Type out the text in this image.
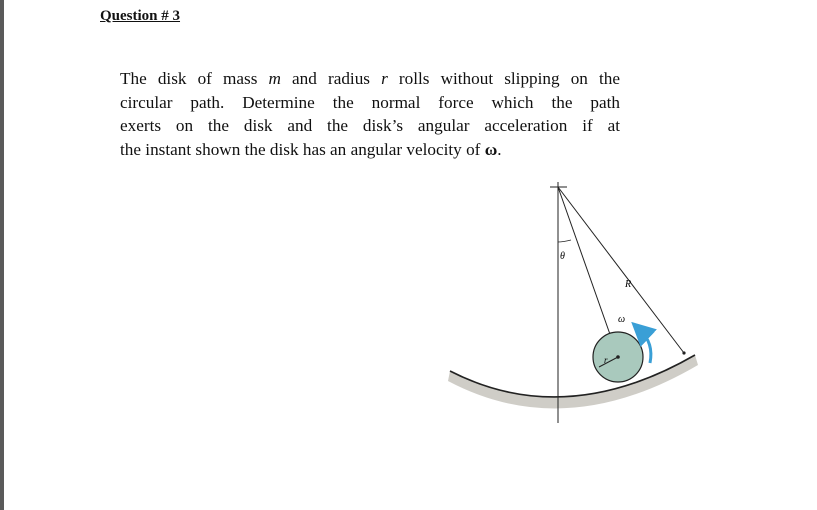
Question # 3
The disk of mass m and radius r rolls without slipping on the
circular path. Determine the normal force which the path
exerts on the disk and the disk’s angular acceleration if at
the instant shown the disk has an angular velocity of ω.
θ
R
ω
r
